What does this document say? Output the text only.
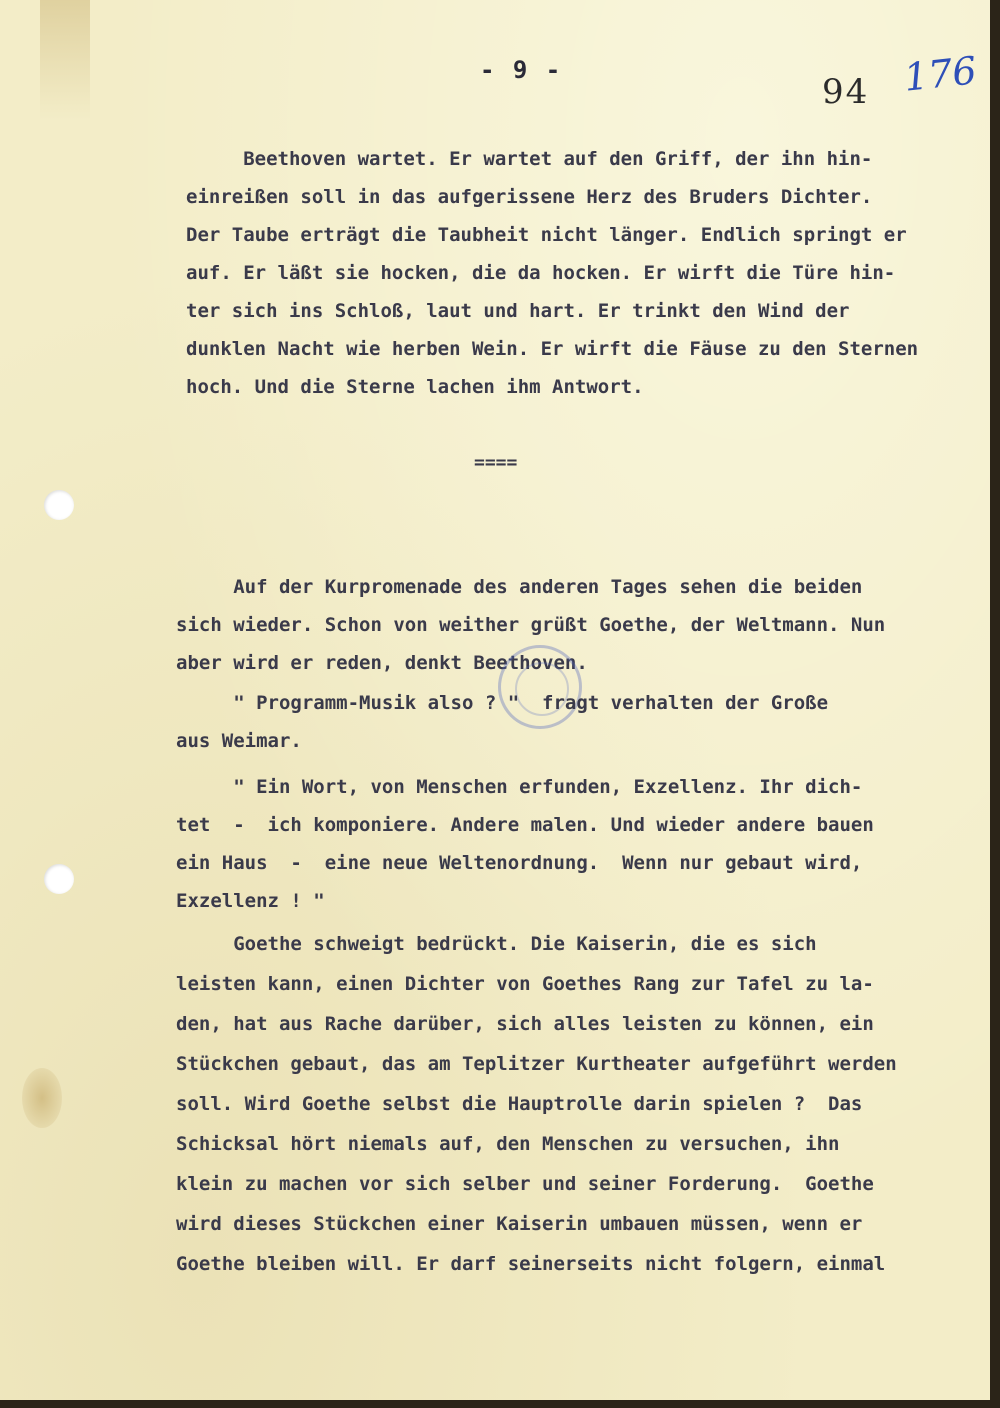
- 9 -
94 176
Beethoven wartet. Er wartet auf den Griff, der ihn hin-
einreißen soll in das aufgerissene Herz des Bruders Dichter.
Der Taube erträgt die Taubheit nicht länger. Endlich springt er
auf. Er läßt sie hocken, die da hocken. Er wirft die Türe hin-
ter sich ins Schloß, laut und hart. Er trinkt den Wind der
dunklen Nacht wie herben Wein. Er wirft die Fäuse zu den Sternen
hoch. Und die Sterne lachen ihm Antwort.
====
Auf der Kurpromenade des anderen Tages sehen die beiden
sich wieder. Schon von weither grüßt Goethe, der Weltmann. Nun
aber wird er reden, denkt Beethoven.
" Programm-Musik also ? "  fragt verhalten der Große
aus Weimar.
" Ein Wort, von Menschen erfunden, Exzellenz. Ihr dich-
tet  -  ich komponiere. Andere malen. Und wieder andere bauen
ein Haus  -  eine neue Weltenordnung.  Wenn nur gebaut wird,
Exzellenz ! "
Goethe schweigt bedrückt. Die Kaiserin, die es sich
leisten kann, einen Dichter von Goethes Rang zur Tafel zu la-
den, hat aus Rache darüber, sich alles leisten zu können, ein
Stückchen gebaut, das am Teplitzer Kurtheater aufgeführt werden
soll. Wird Goethe selbst die Hauptrolle darin spielen ?  Das
Schicksal hört niemals auf, den Menschen zu versuchen, ihn
klein zu machen vor sich selber und seiner Forderung.  Goethe
wird dieses Stückchen einer Kaiserin umbauen müssen, wenn er
Goethe bleiben will. Er darf seinerseits nicht folgern, einmal
